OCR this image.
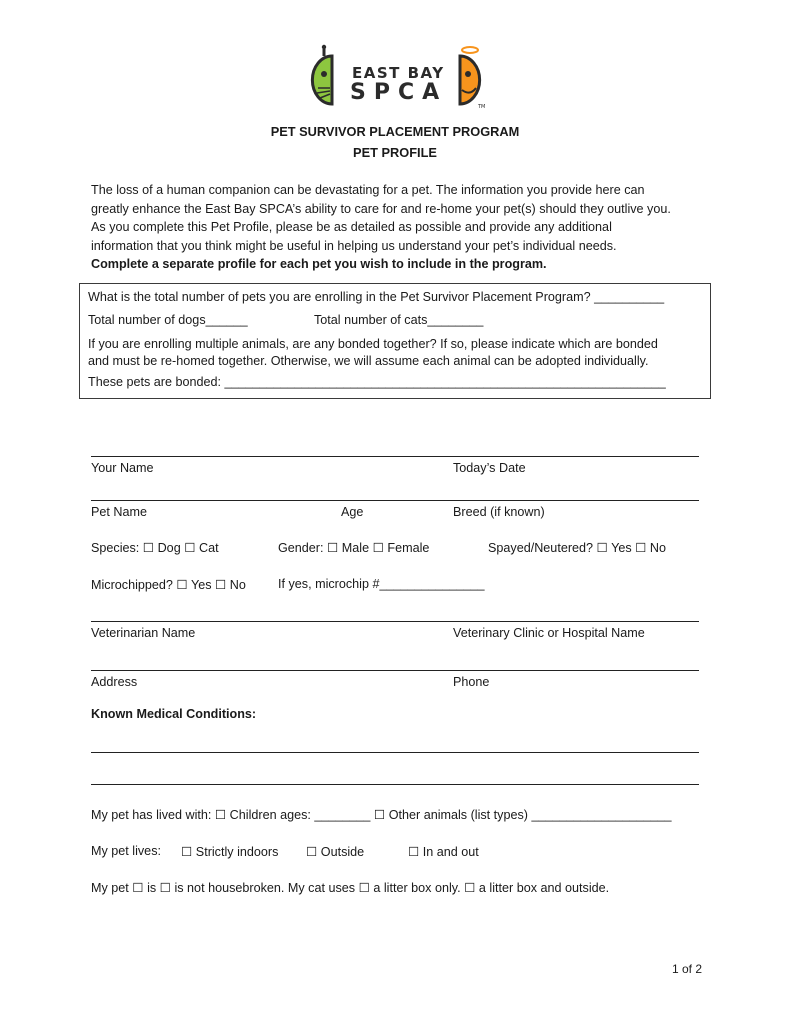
TM
EAST BAY
SPCA
PET SURVIVOR PLACEMENT PROGRAM
PET PROFILE
The loss of a human companion can be devastating for a pet. The information you provide here can
greatly enhance the East Bay SPCA’s ability to care for and re-home your pet(s) should they outlive you.
As you complete this Pet Profile, please be as detailed as possible and provide any additional
information that you think might be useful in helping us understand your pet’s individual needs.
Complete a separate profile for each pet you wish to include in the program.
What is the total number of pets you are enrolling in the Pet Survivor Placement Program? __________
Total number of dogs______	Total number of cats________
If you are enrolling multiple animals, are any bonded together? If so, please indicate which are bonded
and must be re-homed together. Otherwise, we will assume each animal can be adopted individually.
These pets are bonded: _______________________________________________________________
Your Name	Today’s Date
Pet Name	Age	Breed (if known)
Species: ☐ Dog ☐ Cat	Gender: ☐ Male ☐ Female	Spayed/Neutered? ☐ Yes ☐ No
Microchipped? ☐ Yes ☐ No	If yes, microchip #_______________
Veterinarian Name	Veterinary Clinic or Hospital Name
Address	Phone
Known Medical Conditions:
My pet has lived with: ☐ Children ages: ________ ☐ Other animals (list types) ____________________
My pet lives: ☐ Strictly indoors ☐ Outside	☐ In and out
My pet ☐ is ☐ is not housebroken. My cat uses ☐ a litter box only. ☐ a litter box and outside.
1 of 2
